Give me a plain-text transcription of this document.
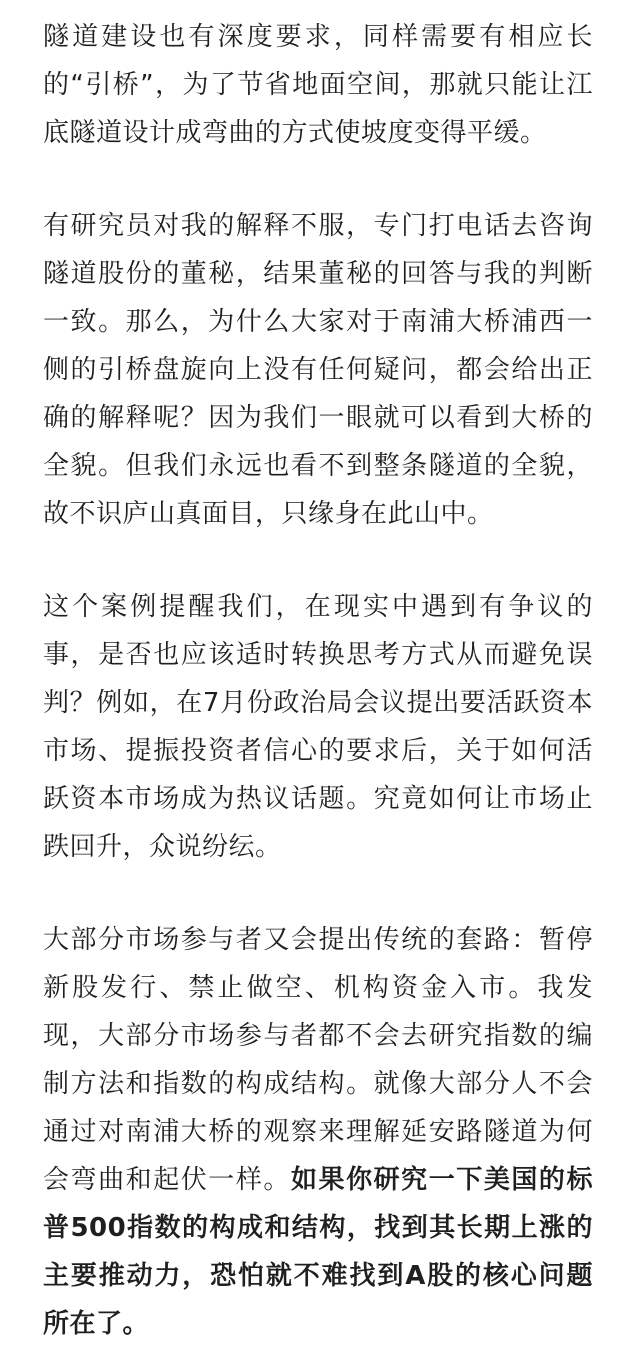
隧道建设也有深度要求，同样需要有相应长的“引桥”，为了节省地面空间，那就只能让江底隧道设计成弯曲的方式使坡度变得平缓。

有研究员对我的解释不服，专门打电话去咨询隧道股份的董秘，结果董秘的回答与我的判断一致。那么，为什么大家对于南浦大桥浦西一侧的引桥盘旋向上没有任何疑问，都会给出正确的解释呢？因为我们一眼就可以看到大桥的全貌。但我们永远也看不到整条隧道的全貌，故不识庐山真面目，只缘身在此山中。

这个案例提醒我们，在现实中遇到有争议的事，是否也应该适时转换思考方式从而避免误判？例如，在7月份政治局会议提出要活跃资本市场、提振投资者信心的要求后，关于如何活跃资本市场成为热议话题。究竟如何让市场止跌回升，众说纷纭。

大部分市场参与者又会提出传统的套路：暂停新股发行、禁止做空、机构资金入市。我发现，大部分市场参与者都不会去研究指数的编制方法和指数的构成结构。就像大部分人不会通过对南浦大桥的观察来理解延安路隧道为何会弯曲和起伏一样。如果你研究一下美国的标普500指数的构成和结构，找到其长期上涨的主要推动力，恐怕就不难找到A股的核心问题所在了。
